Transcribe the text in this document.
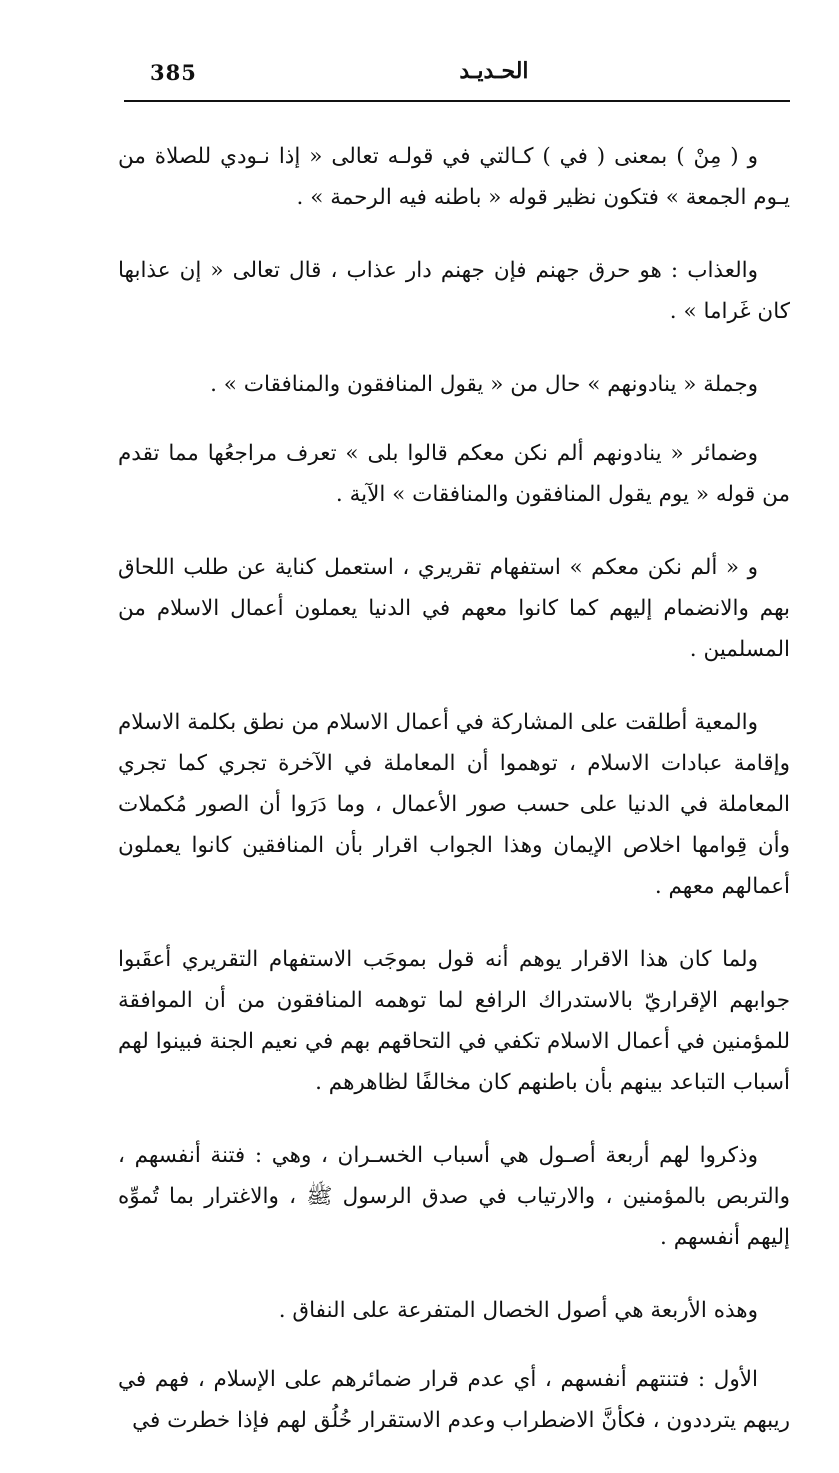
385	الحـديـد

و ( مِنْ ) بمعنى ( في ) كـالتي في قولـه تعالى « إذا نـودي للصلاة من يـوم الجمعة » فتكون نظير قوله « باطنه فيه الرحمة » .

والعذاب : هو حرق جهنم فإن جهنم دار عذاب ، قال تعالى « إن عذابها كان غَراما » .

وجملة « ينادونهم » حال من « يقول المنافقون والمنافقات » .

وضمائر « ينادونهم ألم نكن معكم قالوا بلى » تعرف مراجعُها مما تقدم من قوله « يوم يقول المنافقون والمنافقات » الآية .

و « ألم نكن معكم » استفهام تقريري ، استعمل كناية عن طلب اللحاق بهم والانضمام إليهم كما كانوا معهم في الدنيا يعملون أعمال الاسلام من المسلمين .

والمعية أطلقت على المشاركة في أعمال الاسلام من نطق بكلمة الاسلام وإقامة عبادات الاسلام ، توهموا أن المعاملة في الآخرة تجري كما تجري المعاملة في الدنيا على حسب صور الأعمال ، وما دَرَوا أن الصور مُكملات وأن قِوامها اخلاص الإيمان وهذا الجواب اقرار بأن المنافقين كانوا يعملون أعمالهم معهم .

ولما كان هذا الاقرار يوهم أنه قول بموجَب الاستفهام التقريري أعقَبوا جوابهم الإقراريّ بالاستدراك الرافع لما توهمه المنافقون من أن الموافقة للمؤمنين في أعمال الاسلام تكفي في التحاقهم بهم في نعيم الجنة فبينوا لهم أسباب التباعد بينهم بأن باطنهم كان مخالفًا لظاهرهم .

وذكروا لهم أربعة أصـول هي أسباب الخسـران ، وهي : فتنة أنفسهم ، والتربص بالمؤمنين ، والارتياب في صدق الرسول ﷺ ، والاغترار بما تُموِّه إليهم أنفسهم .

وهذه الأربعة هي أصول الخصال المتفرعة على النفاق .

الأول : فتنتهم أنفسهم ، أي عدم قرار ضمائرهم على الإسلام ، فهم في ريبهم يترددون ، فكأنَّ الاضطراب وعدم الاستقرار خُلُق لهم فإذا خطرت في
